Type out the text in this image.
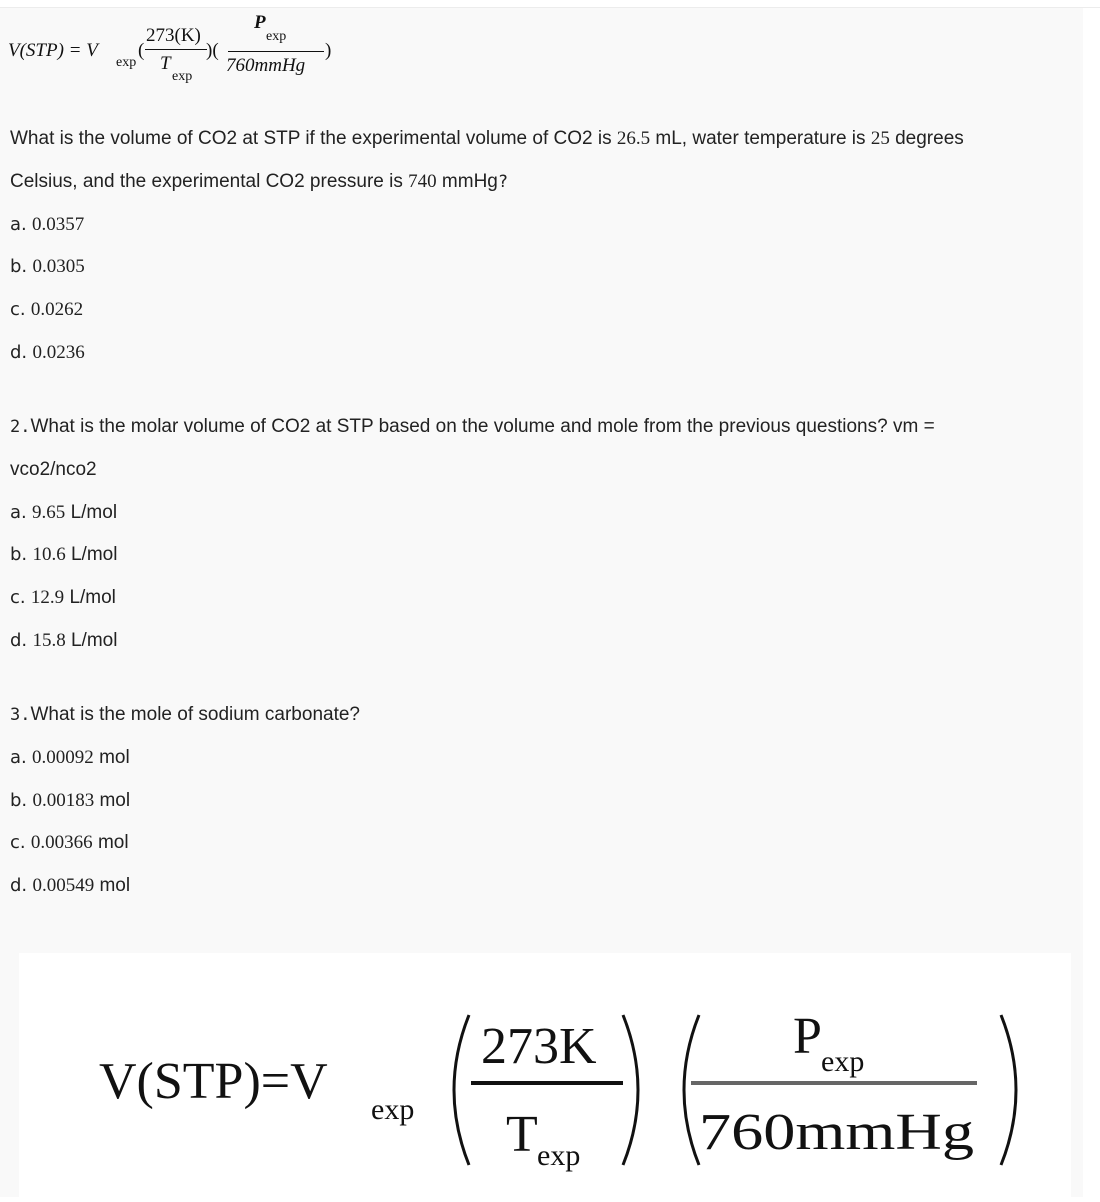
V(STP) = V
exp
(
273(K)
T
exp
)(
P
exp
760mmHg
)
What is the volume of CO2 at STP if the experimental volume of CO2 is 26.5 mL, water temperature is 25 degrees
Celsius, and the experimental CO2 pressure is 740 mmHg?
a. 0.0357
b. 0.0305
c. 0.0262
d. 0.0236
2.What is the molar volume of CO2 at STP based on the volume and mole from the previous questions? vm =
vco2/nco2
a. 9.65 L/mol
b. 10.6 L/mol
c. 12.9 L/mol
d. 15.8 L/mol
3.What is the mole of sodium carbonate?
a. 0.00092 mol
b. 0.00183 mol
c. 0.00366 mol
d. 0.00549 mol
V(STP)=V exp
273K
T exp
P exp
760mmHg
